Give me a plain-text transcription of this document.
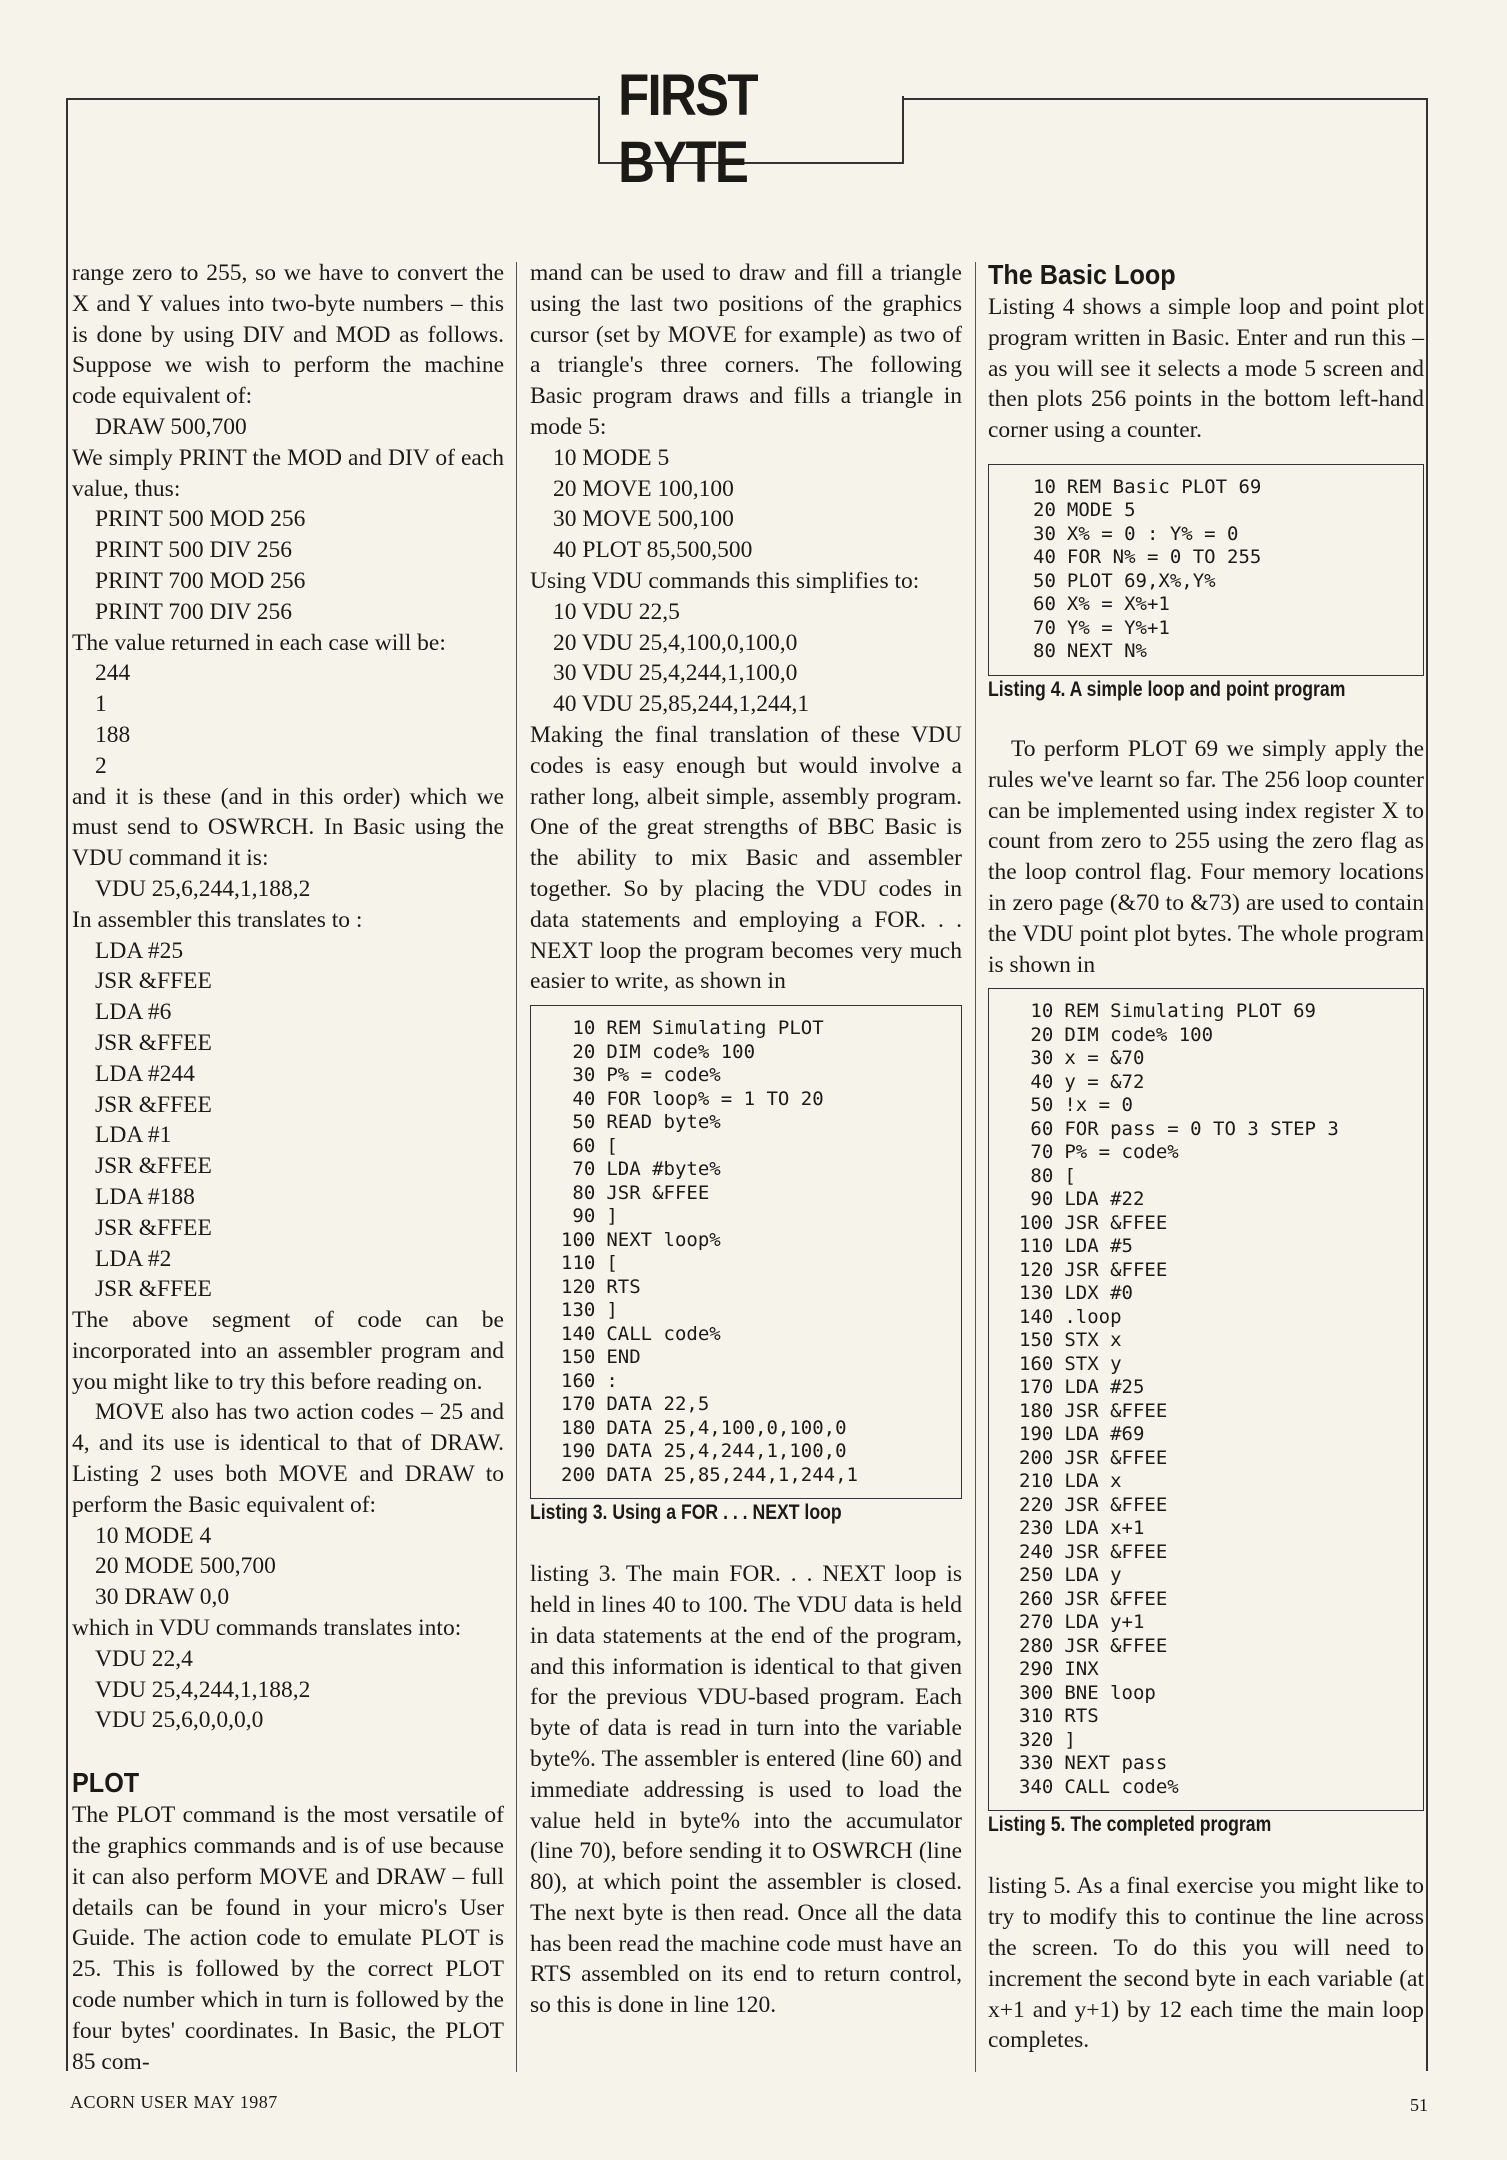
FIRST BYTE

range zero to 255, so we have to convert the X and Y values into two-byte numbers – this is done by using DIV and MOD as follows. Suppose we wish to perform the machine code equivalent of:

DRAW 500,700

We simply PRINT the MOD and DIV of each value, thus:

PRINT 500 MOD 256

PRINT 500 DIV 256

PRINT 700 MOD 256

PRINT 700 DIV 256

The value returned in each case will be:

244

1

188

2

and it is these (and in this order) which we must send to OSWRCH. In Basic using the VDU command it is:

VDU 25,6,244,1,188,2

In assembler this translates to :

LDA #25

JSR &FFEE

LDA #6

JSR &FFEE

LDA #244

JSR &FFEE

LDA #1

JSR &FFEE

LDA #188

JSR &FFEE

LDA #2

JSR &FFEE

The above segment of code can be incorporated into an assembler program and you might like to try this before reading on.

MOVE also has two action codes – 25 and 4, and its use is identical to that of DRAW. Listing 2 uses both MOVE and DRAW to perform the Basic equivalent of:

10 MODE 4

20 MODE 500,700

30 DRAW 0,0

which in VDU commands translates into:

VDU 22,4

VDU 25,4,244,1,188,2

VDU 25,6,0,0,0,0

PLOT

The PLOT command is the most versatile of the graphics commands and is of use because it can also perform MOVE and DRAW – full details can be found in your micro's User Guide. The action code to emulate PLOT is 25. This is followed by the correct PLOT code number which in turn is followed by the four bytes' coordinates. In Basic, the PLOT 85 com-

mand can be used to draw and fill a triangle using the last two positions of the graphics cursor (set by MOVE for example) as two of a triangle's three corners. The following Basic program draws and fills a triangle in mode 5:

10 MODE 5

20 MOVE 100,100

30 MOVE 500,100

40 PLOT 85,500,500

Using VDU commands this simplifies to:

10 VDU 22,5

20 VDU 25,4,100,0,100,0

30 VDU 25,4,244,1,100,0

40 VDU 25,85,244,1,244,1

Making the final translation of these VDU codes is easy enough but would involve a rather long, albeit simple, assembly program. One of the great strengths of BBC Basic is the ability to mix Basic and assembler together. So by placing the VDU codes in data statements and employing a FOR. . . NEXT loop the program becomes very much easier to write, as shown in

10 REM Simulating PLOT
20 DIM code% 100
30 P% = code%
40 FOR loop% = 1 TO 20
50 READ byte%
60 [
70 LDA #byte%
80 JSR &FFEE
90 ]
100 NEXT loop%
110 [
120 RTS
130 ]
140 CALL code%
150 END
160 :
170 DATA 22,5
180 DATA 25,4,100,0,100,0
190 DATA 25,4,244,1,100,0
200 DATA 25,85,244,1,244,1

Listing 3. Using a FOR . . . NEXT loop

listing 3. The main FOR. . . NEXT loop is held in lines 40 to 100. The VDU data is held in data statements at the end of the program, and this information is identical to that given for the previous VDU-based program. Each byte of data is read in turn into the variable byte%. The assembler is entered (line 60) and immediate addressing is used to load the value held in byte% into the accumulator (line 70), before sending it to OSWRCH (line 80), at which point the assembler is closed. The next byte is then read. Once all the data has been read the machine code must have an RTS assembled on its end to return control, so this is done in line 120.

The Basic Loop

Listing 4 shows a simple loop and point plot program written in Basic. Enter and run this – as you will see it selects a mode 5 screen and then plots 256 points in the bottom left-hand corner using a counter.

10 REM Basic PLOT 69
20 MODE 5
30 X% = 0 : Y% = 0
40 FOR N% = 0 TO 255
50 PLOT 69,X%,Y%
60 X% = X%+1
70 Y% = Y%+1
80 NEXT N%

Listing 4. A simple loop and point program

To perform PLOT 69 we simply apply the rules we've learnt so far. The 256 loop counter can be implemented using index register X to count from zero to 255 using the zero flag as the loop control flag. Four memory locations in zero page (&70 to &73) are used to contain the VDU point plot bytes. The whole program is shown in

10 REM Simulating PLOT 69
20 DIM code% 100
30 x = &70
40 y = &72
50 !x = 0
60 FOR pass = 0 TO 3 STEP 3
70 P% = code%
80 [
90 LDA #22
100 JSR &FFEE
110 LDA #5
120 JSR &FFEE
130 LDX #0
140 .loop
150 STX x
160 STX y
170 LDA #25
180 JSR &FFEE
190 LDA #69
200 JSR &FFEE
210 LDA x
220 JSR &FFEE
230 LDA x+1
240 JSR &FFEE
250 LDA y
260 JSR &FFEE
270 LDA y+1
280 JSR &FFEE
290 INX
300 BNE loop
310 RTS
320 ]
330 NEXT pass
340 CALL code%

Listing 5. The completed program

listing 5. As a final exercise you might like to try to modify this to continue the line across the screen. To do this you will need to increment the second byte in each variable (at x+1 and y+1) by 12 each time the main loop completes.

ACORN USER MAY 1987	51
